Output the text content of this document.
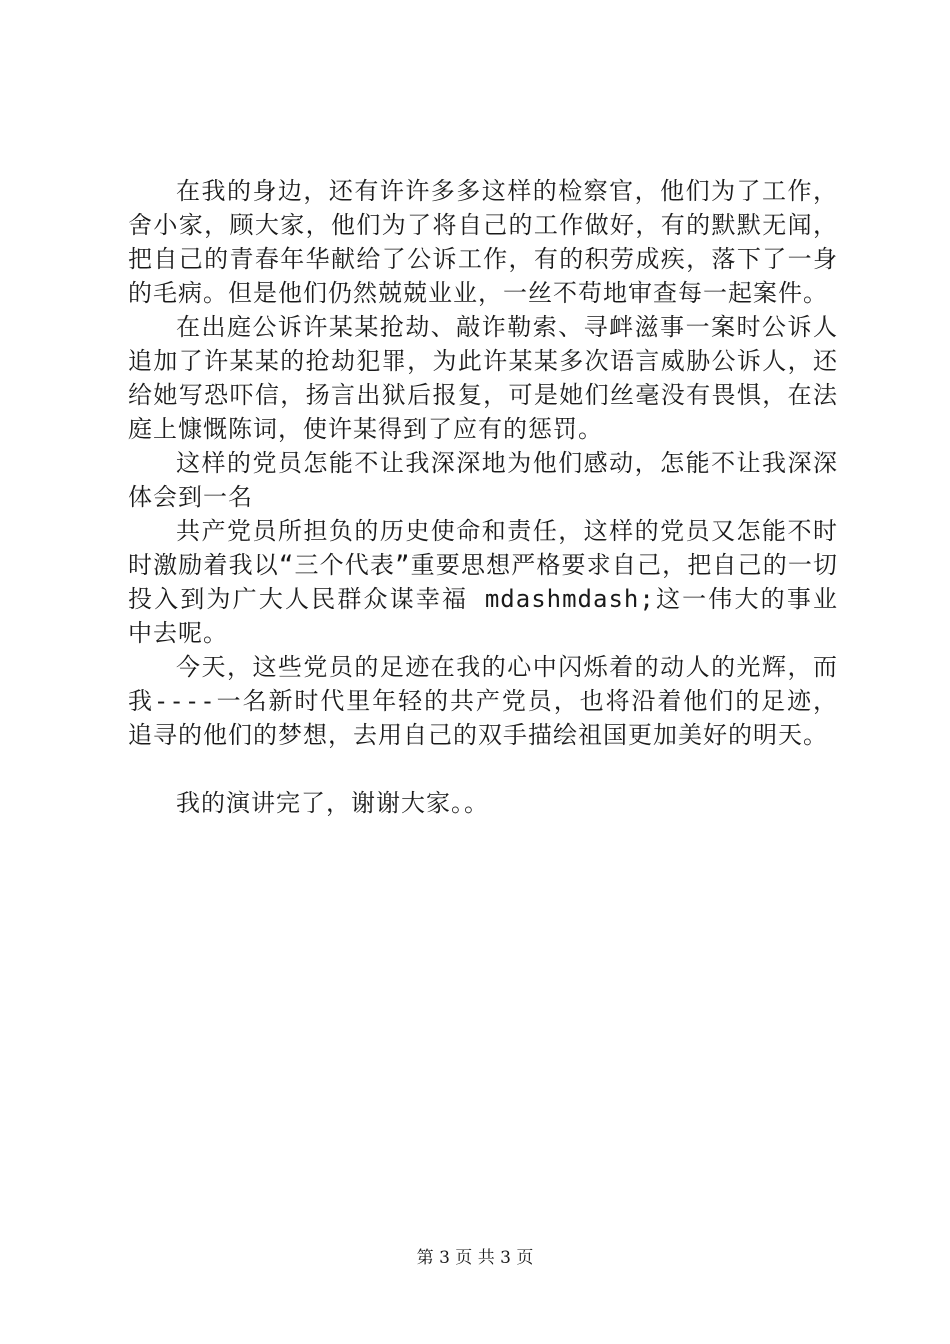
在我的身边，还有许许多多这样的检察官，他们为了工作，舍小家，顾大家，他们为了将自己的工作做好，有的默默无闻，把自己的青春年华献给了公诉工作，有的积劳成疾，落下了一身的毛病。但是他们仍然兢兢业业，一丝不苟地审查每一起案件。

在出庭公诉许某某抢劫、敲诈勒索、寻衅滋事一案时公诉人追加了许某某的抢劫犯罪，为此许某某多次语言威胁公诉人，还给她写恐吓信，扬言出狱后报复，可是她们丝毫没有畏惧，在法庭上慷慨陈词，使许某得到了应有的惩罚。

这样的党员怎能不让我深深地为他们感动，怎能不让我深深体会到一名

共产党员所担负的历史使命和责任，这样的党员又怎能不时时激励着我以“三个代表”重要思想严格要求自己，把自己的一切投入到为广大人民群众谋幸福 mdashmdash;这一伟大的事业中去呢。

今天，这些党员的足迹在我的心中闪烁着的动人的光辉，而我----一名新时代里年轻的共产党员，也将沿着他们的足迹，追寻的他们的梦想，去用自己的双手描绘祖国更加美好的明天。

我的演讲完了，谢谢大家。。

第 3 页 共 3 页
